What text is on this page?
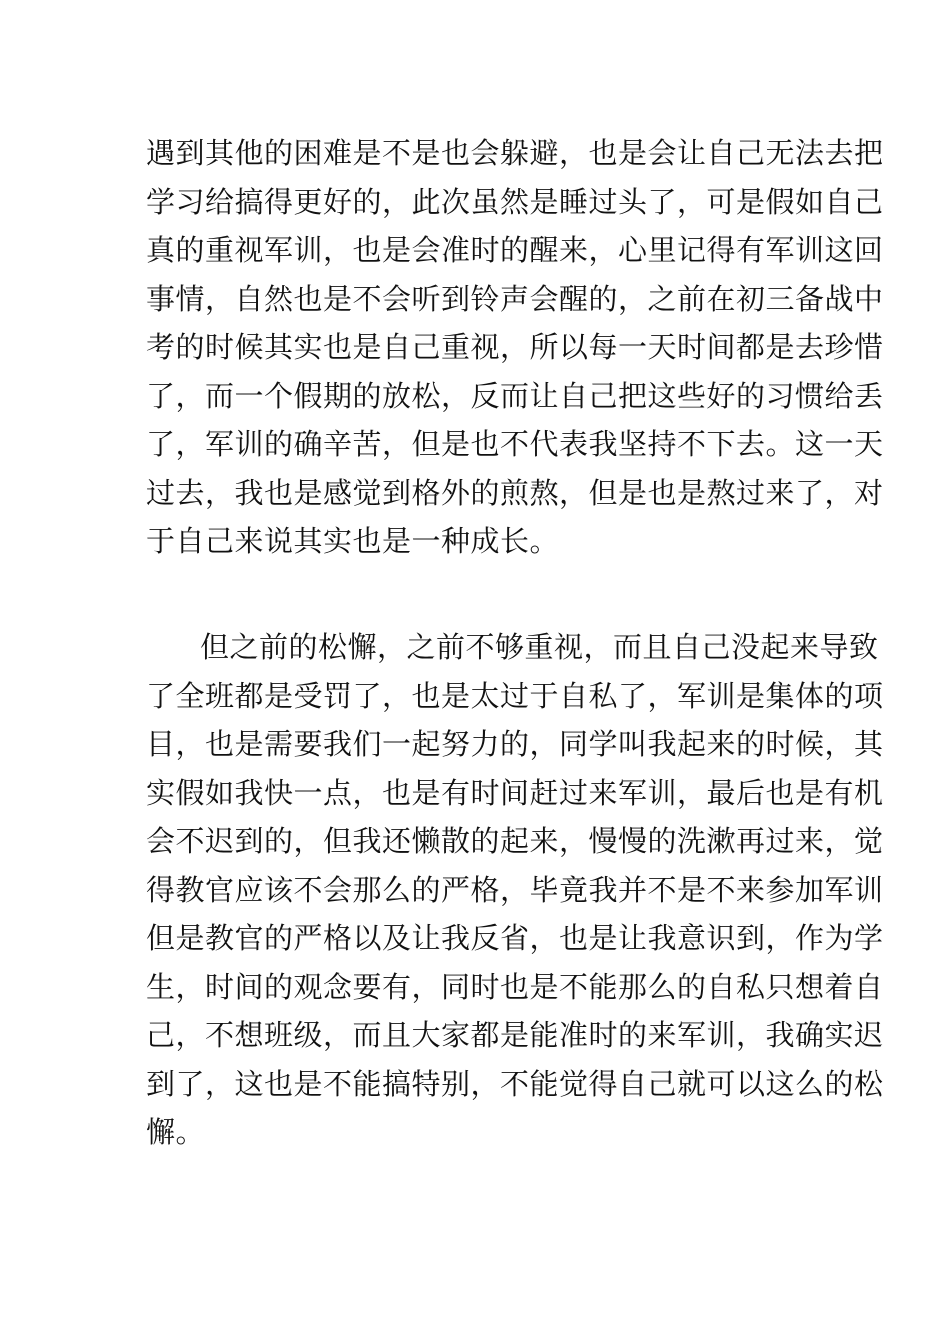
遇到其他的困难是不是也会躲避，也是会让自己无法去把
学习给搞得更好的，此次虽然是睡过头了，可是假如自己
真的重视军训，也是会准时的醒来，心里记得有军训这回
事情，自然也是不会听到铃声会醒的，之前在初三备战中
考的时候其实也是自己重视，所以每一天时间都是去珍惜
了，而一个假期的放松，反而让自己把这些好的习惯给丢
了，军训的确辛苦，但是也不代表我坚持不下去。这一天
过去，我也是感觉到格外的煎熬，但是也是熬过来了，对
于自己来说其实也是一种成长。
但之前的松懈，之前不够重视，而且自己没起来导致
了全班都是受罚了，也是太过于自私了，军训是集体的项
目，也是需要我们一起努力的，同学叫我起来的时候，其
实假如我快一点，也是有时间赶过来军训，最后也是有机
会不迟到的，但我还懒散的起来，慢慢的洗漱再过来，觉
得教官应该不会那么的严格，毕竟我并不是不来参加军训
但是教官的严格以及让我反省，也是让我意识到，作为学
生，时间的观念要有，同时也是不能那么的自私只想着自
己，不想班级，而且大家都是能准时的来军训，我确实迟
到了，这也是不能搞特别，不能觉得自己就可以这么的松
懈。
